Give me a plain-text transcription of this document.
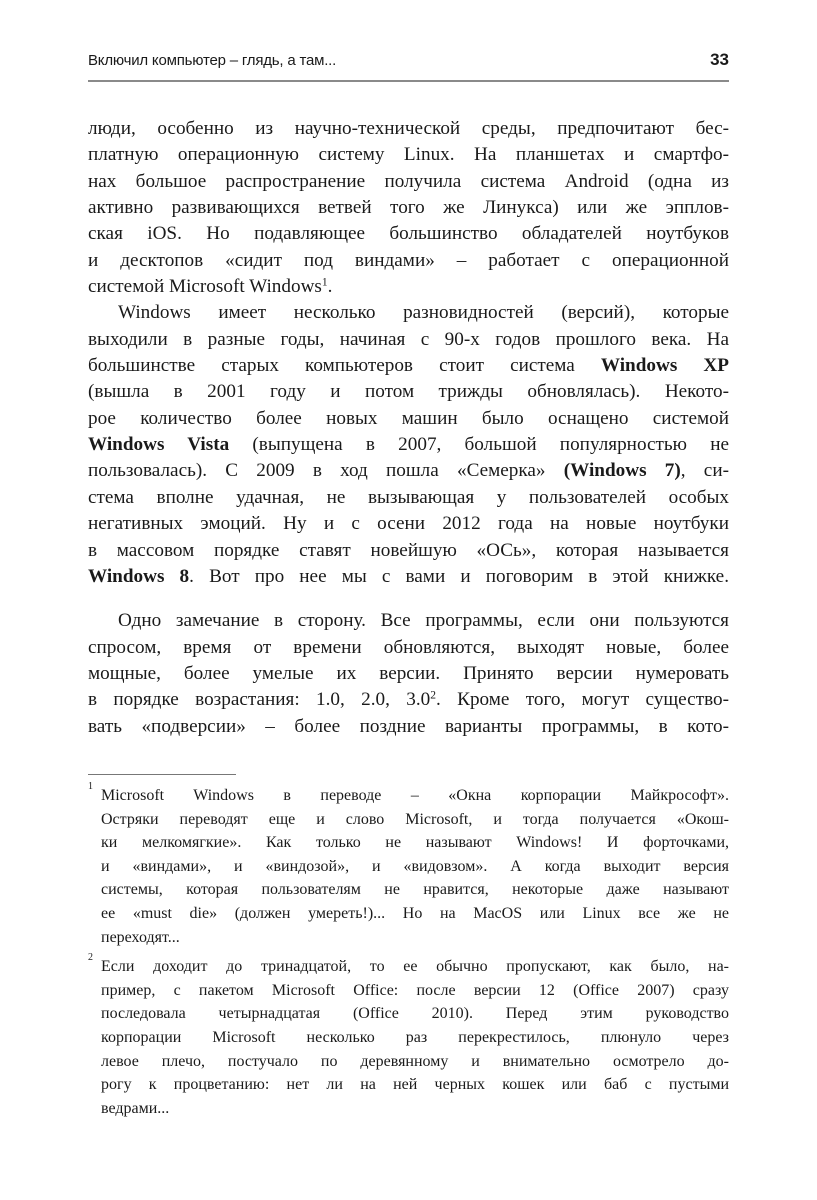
Включил компьютер – глядь, а там...	33
люди, особенно из научно-технической среды, предпочитают бес-
платную операционную систему Linux. На планшетах и смартфо-
нах большое распространение получила система Android (одна из
активно развивающихся ветвей того же Линукса) или же эпплов-
ская iOS. Но подавляющее большинство обладателей ноутбуков
и десктопов «сидит под виндами» – работает с операционной
системой Microsoft Windows$^1$.
Windows имеет несколько разновидностей (версий), которые
выходили в разные годы, начиная с 90-х годов прошлого века. На
большинстве старых компьютеров стоит система Windows XP
(вышла в 2001 году и потом трижды обновлялась). Некото-
рое количество более новых машин было оснащено системой
Windows Vista (выпущена в 2007, большой популярностью не
пользовалась). С 2009 в ход пошла «Семерка» (Windows 7), си-
стема вполне удачная, не вызывающая у пользователей особых
негативных эмоций. Ну и с осени 2012 года на новые ноутбуки
в массовом порядке ставят новейшую «ОСь», которая называется
Windows 8. Вот про нее мы с вами и поговорим в этой книжке.
Одно замечание в сторону. Все программы, если они пользуются
спросом, время от времени обновляются, выходят новые, более
мощные, более умелые их версии. Принято версии нумеровать
в порядке возрастания: 1.0, 2.0, $3.0^2$. Кроме того, могут существо-
вать «подверсии» – более поздние варианты программы, в кото-
1
Microsoft Windows в переводе – «Окна корпорации Майкрософт».
Остряки переводят еще и слово Microsoft, и тогда получается «Окош-
ки мелкомягкие». Как только не называют Windows! И форточками,
и «виндами», и «виндозой», и «видовзом». А когда выходит версия
системы, которая пользователям не нравится, некоторые даже называют
ее «must die» (должен умереть!)... Но на MacOS или Linux все же не
переходят...
2
Если доходит до тринадцатой, то ее обычно пропускают, как было, на-
пример, с пакетом Microsoft Office: после версии 12 (Office 2007) сразу
последовала четырнадцатая (Office 2010). Перед этим руководство
корпорации Microsoft несколько раз перекрестилось, плюнуло через
левое плечо, постучало по деревянному и внимательно осмотрело до-
рогу к процветанию: нет ли на ней черных кошек или баб с пустыми
ведрами...
